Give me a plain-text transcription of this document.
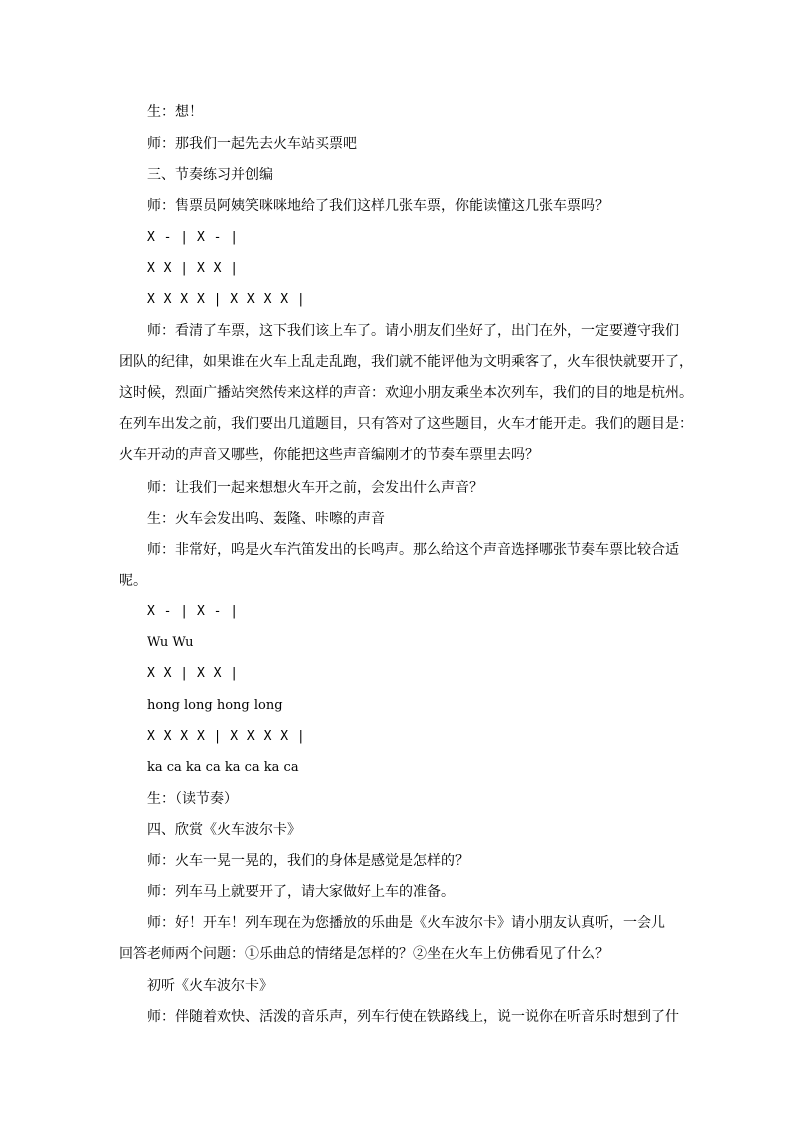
生：想！
师：那我们一起先去火车站买票吧
三、节奏练习并创编
师：售票员阿姨笑咪咪地给了我们这样几张车票，你能读懂这几张车票吗？
X - | X - |
X X | X X |
X X X X | X X X X |
师：看清了车票，这下我们该上车了。请小朋友们坐好了，出门在外，一定要遵守我们
团队的纪律，如果谁在火车上乱走乱跑，我们就不能评他为文明乘客了，火车很快就要开了，
这时候，烈面广播站突然传来这样的声音：欢迎小朋友乘坐本次列车，我们的目的地是杭州。
在列车出发之前，我们要出几道题目，只有答对了这些题目，火车才能开走。我们的题目是：
火车开动的声音又哪些，你能把这些声音编刚才的节奏车票里去吗？
师：让我们一起来想想火车开之前，会发出什么声音？
生：火车会发出呜、轰隆、咔嚓的声音
师：非常好，呜是火车汽笛发出的长鸣声。那么给这个声音选择哪张节奏车票比较合适
呢。
X - | X - |
Wu Wu
X X | X X |
hong long hong long
X X X X | X X X X |
ka ca ka ca ka ca ka ca
生：（读节奏）
四、欣赏《火车波尔卡》
师：火车一晃一晃的，我们的身体是感觉是怎样的？
师：列车马上就要开了，请大家做好上车的准备。
师：好！开车！列车现在为您播放的乐曲是《火车波尔卡》请小朋友认真听，一会儿
回答老师两个问题：①乐曲总的情绪是怎样的？②坐在火车上仿佛看见了什么？
初听《火车波尔卡》
师：伴随着欢快、活泼的音乐声，列车行使在铁路线上，说一说你在听音乐时想到了什
